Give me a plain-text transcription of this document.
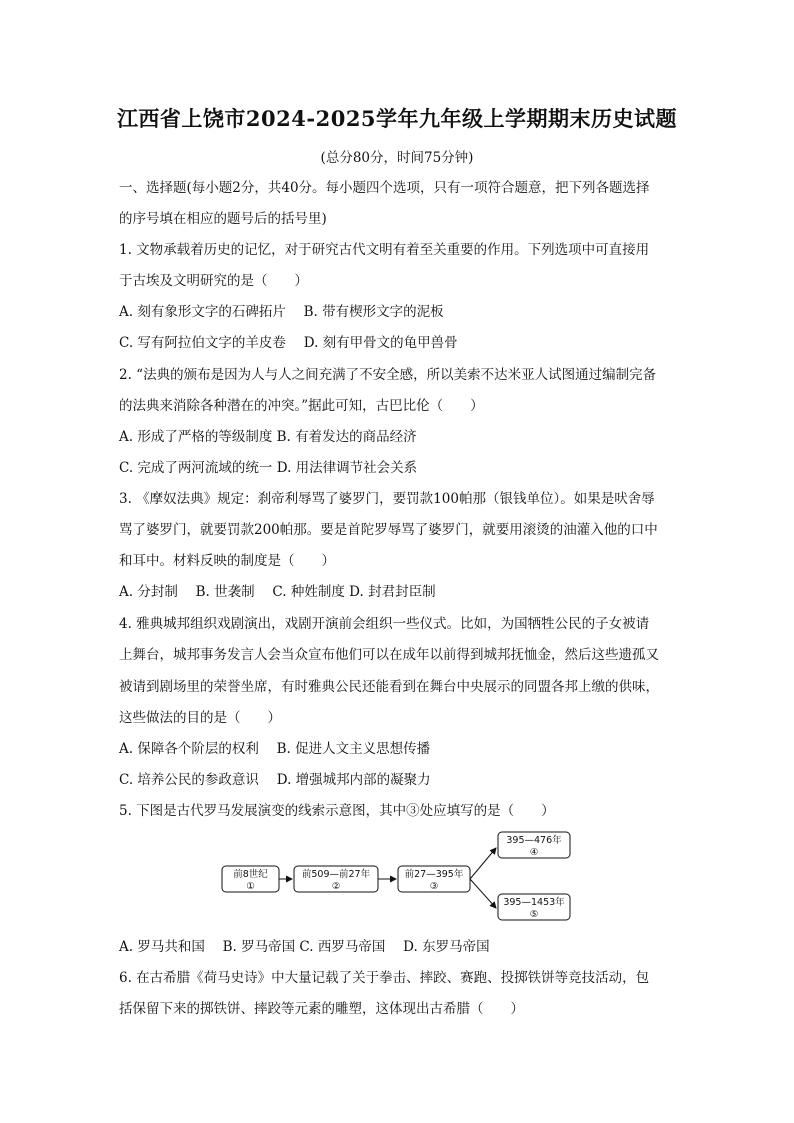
江西省上饶市2024-2025学年九年级上学期期末历史试题
(总分80分，时间75分钟)
一、选择题(每小题2分，共40分。每小题四个选项，只有一项符合题意，把下列各题选择
的序号填在相应的题号后的括号里)
1. 文物承载着历史的记忆，对于研究古代文明有着至关重要的作用。下列选项中可直接用
于古埃及文明研究的是（　　）
A. 刻有象形文字的石碑拓片　 B. 带有楔形文字的泥板
C. 写有阿拉伯文字的羊皮卷　 D. 刻有甲骨文的龟甲兽骨
2. “法典的颁布是因为人与人之间充满了不安全感，所以美索不达米亚人试图通过编制完备
的法典来消除各种潜在的冲突。”据此可知，古巴比伦（　　）
A. 形成了严格的等级制度 B. 有着发达的商品经济
C. 完成了两河流域的统一 D. 用法律调节社会关系
3. 《摩奴法典》规定：刹帝利辱骂了婆罗门，要罚款100帕那（银钱单位）。如果是吠舍辱
骂了婆罗门，就要罚款200帕那。要是首陀罗辱骂了婆罗门，就要用滚烫的油灌入他的口中
和耳中。材料反映的制度是（　　）
A. 分封制　 B. 世袭制　 C. 种姓制度 D. 封君封臣制
4. 雅典城邦组织戏剧演出，戏剧开演前会组织一些仪式。比如，为国牺牲公民的子女被请
上舞台，城邦事务发言人会当众宣布他们可以在成年以前得到城邦抚恤金，然后这些遗孤又
被请到剧场里的荣誉坐席，有时雅典公民还能看到在舞台中央展示的同盟各邦上缴的供味，
这些做法的目的是（　　）
A. 保障各个阶层的权利　 B. 促进人文主义思想传播
C. 培养公民的参政意识　 D. 增强城邦内部的凝聚力
5. 下图是古代罗马发展演变的线索示意图，其中③处应填写的是（　　）
前8世纪
①
前509—前27年
②
前27—395年
③
395—476年
④
395—1453年
⑤
A. 罗马共和国　 B. 罗马帝国 C. 西罗马帝国　 D. 东罗马帝国
6. 在古希腊《荷马史诗》中大量记载了关于拳击、摔跤、赛跑、投掷铁饼等竞技活动，包
括保留下来的掷铁饼、摔跤等元素的雕塑，这体现出古希腊（　　）
